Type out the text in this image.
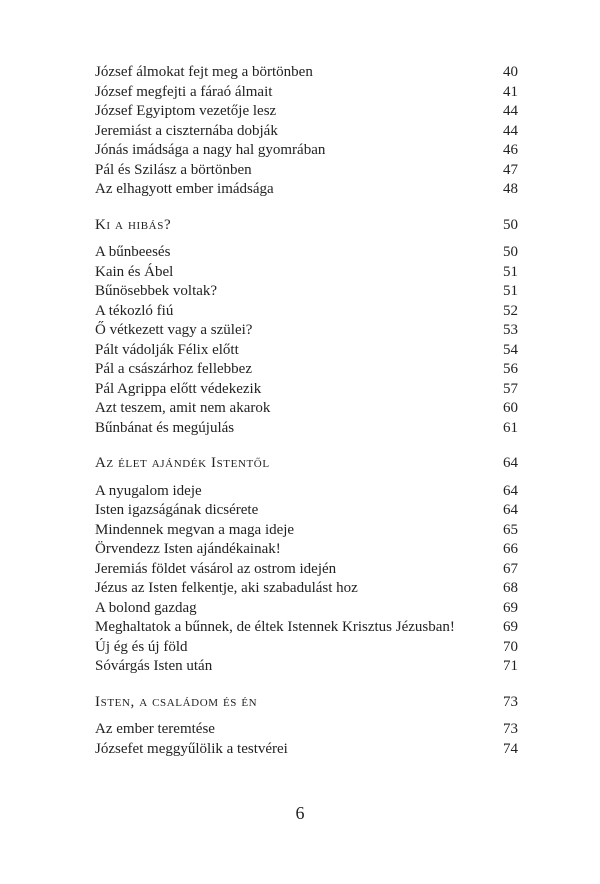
József álmokat fejt meg a börtönben	40
József megfejti a fáraó álmait	41
József Egyiptom vezetője lesz	44
Jeremiást a ciszternába dobják	44
Jónás imádsága a nagy hal gyomrában	46
Pál és Szilász a börtönben	47
Az elhagyott ember imádsága	48
Ki a hibás?	50
A bűnbeesés	50
Kain és Ábel	51
Bűnösebbek voltak?	51
A tékozló fiú	52
Ő vétkezett vagy a szülei?	53
Pált vádolják Félix előtt	54
Pál a császárhoz fellebbez	56
Pál Agrippa előtt védekezik	57
Azt teszem, amit nem akarok	60
Bűnbánat és megújulás	61
Az élet ajándék Istentől	64
A nyugalom ideje	64
Isten igazságának dicsérete	64
Mindennek megvan a maga ideje	65
Örvendezz Isten ajándékainak!	66
Jeremiás földet vásárol az ostrom idején	67
Jézus az Isten felkentje, aki szabadulást hoz	68
A bolond gazdag	69
Meghaltatok a bűnnek, de éltek Istennek Krisztus Jézusban!	69
Új ég és új föld	70
Sóvárgás Isten után	71
Isten, a családom és én	73
Az ember teremtése	73
Józsefet meggyűlölik a testvérei	74
6
